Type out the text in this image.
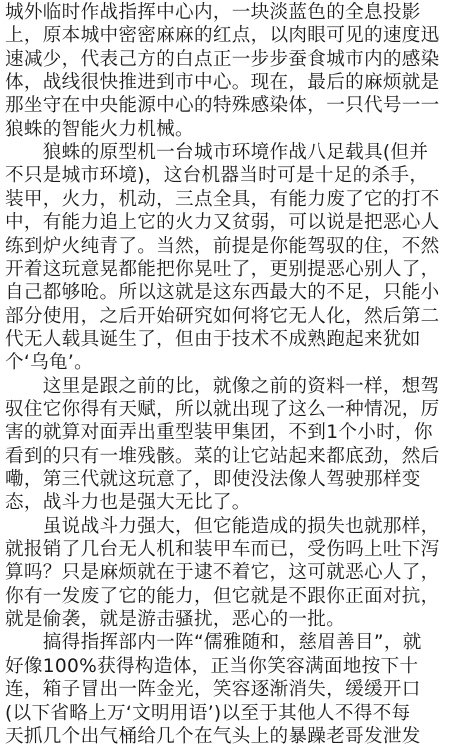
城外临时作战指挥中心内，一块淡蓝色的全息投影
上，原本城中密密麻麻的红点，以肉眼可见的速度迅
速减少，代表己方的白点正一步步蚕食城市内的感染
体，战线很快推进到市中心。现在，最后的麻烦就是
那坐守在中央能源中心的特殊感染体，一只代号一一
狼蛛的智能火力机械。
　　狼蛛的原型机一台城市环境作战八足载具(但并
不只是城市环境)，这台机器当时可是十足的杀手，
装甲，火力，机动，三点全具，有能力废了它的打不
中，有能力追上它的火力又贫弱，可以说是把恶心人
练到炉火纯青了。当然，前提是你能驾驭的住，不然
开着这玩意晃都能把你晃吐了，更别提恶心别人了，
自己都够呛。所以这就是这东西最大的不足，只能小
部分使用，之后开始研究如何将它无人化，然后第二
代无人载具诞生了，但由于技术不成熟跑起来犹如
个‘乌龟’。
　　这里是跟之前的比，就像之前的资料一样，想驾
驭住它你得有天赋，所以就出现了这么一种情况，厉
害的就算对面弄出重型装甲集团，不到1个小时，你
看到的只有一堆残骸。菜的让它站起来都底劲，然后
嘞，第三代就这玩意了，即使没法像人驾驶那样变
态，战斗力也是强大无比了。
　　虽说战斗力强大，但它能造成的损失也就那样，
就报销了几台无人机和装甲车而已，受伤吗上吐下泻
算吗？只是麻烦就在于逮不着它，这可就恶心人了，
你有一发废了它的能力，但它就是不跟你正面对抗，
就是偷袭，就是游击骚扰，恶心的一批。
　　搞得指挥部内一阵“儒雅随和，慈眉善目”，就
好像100%获得构造体，正当你笑容满面地按下十
连，箱子冒出一阵金光，笑容逐渐消失，缓缓开口
(以下省略上万‘文明用语’)以至于其他人不得不每
天抓几个出气桶给几个在气头上的暴躁老哥发泄发
